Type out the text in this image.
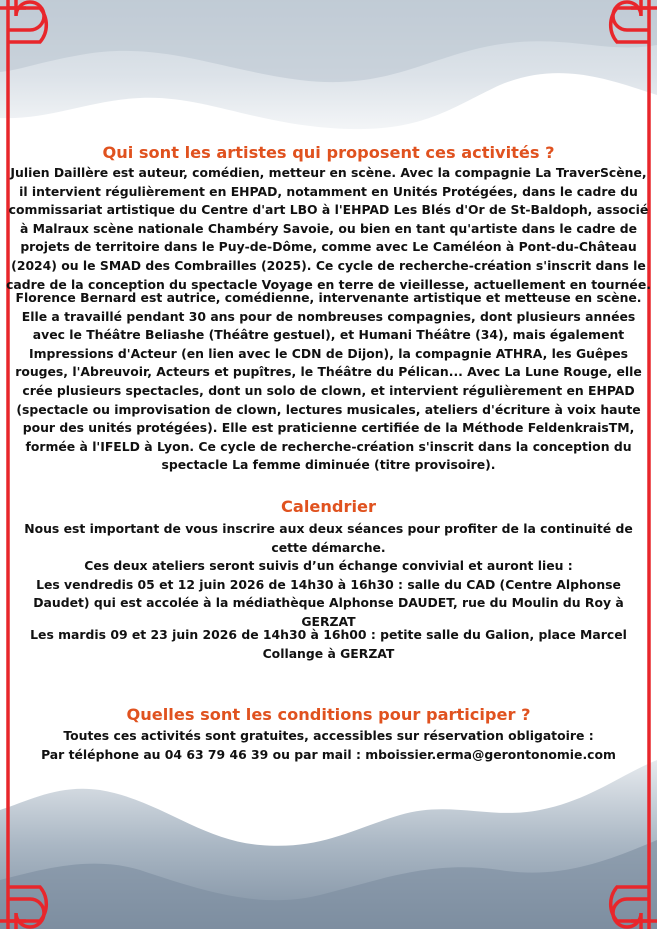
Qui sont les artistes qui proposent ces activités ?

Julien Daillère est auteur, comédien, metteur en scène. Avec la compagnie La TraverScène, il intervient régulièrement en EHPAD, notamment en Unités Protégées, dans le cadre du commissariat artistique du Centre d'art LBO à l'EHPAD Les Blés d'Or de St-Baldoph, associé à Malraux scène nationale Chambéry Savoie, ou bien en tant qu'artiste dans le cadre de projets de territoire dans le Puy-de-Dôme, comme avec Le Caméléon à Pont-du-Château (2024) ou le SMAD des Combrailles (2025). Ce cycle de recherche-création s'inscrit dans le cadre de la conception du spectacle Voyage en terre de vieillesse, actuellement en tournée.

Florence Bernard est autrice, comédienne, intervenante artistique et metteuse en scène. Elle a travaillé pendant 30 ans pour de nombreuses compagnies, dont plusieurs années avec le Théâtre Beliashe (Théâtre gestuel), et Humani Théâtre (34), mais également Impressions d'Acteur (en lien avec le CDN de Dijon), la compagnie ATHRA, les Guêpes rouges, l'Abreuvoir, Acteurs et pupîtres, le Théâtre du Pélican... Avec La Lune Rouge, elle crée plusieurs spectacles, dont un solo de clown, et intervient régulièrement en EHPAD (spectacle ou improvisation de clown, lectures musicales, ateliers d'écriture à voix haute pour des unités protégées). Elle est praticienne certifiée de la Méthode FeldenkraisTM, formée à l'IFELD à Lyon. Ce cycle de recherche-création s'inscrit dans la conception du spectacle La femme diminuée (titre provisoire).

Calendrier
Nous est important de vous inscrire aux deux séances pour profiter de la continuité de cette démarche.
Ces deux ateliers seront suivis d’un échange convivial et auront lieu :
Les vendredis 05 et 12 juin 2026 de 14h30 à 16h30 : salle du CAD (Centre Alphonse Daudet) qui est accolée à la médiathèque Alphonse DAUDET, rue du Moulin du Roy à GERZAT
Les mardis 09 et 23 juin 2026 de 14h30 à 16h00 : petite salle du Galion, place Marcel Collange à GERZAT
Quelles sont les conditions pour participer ?
Toutes ces activités sont gratuites, accessibles sur réservation obligatoire :
Par téléphone au 04 63 79 46 39 ou par mail : mboissier.erma@gerontonomie.com
